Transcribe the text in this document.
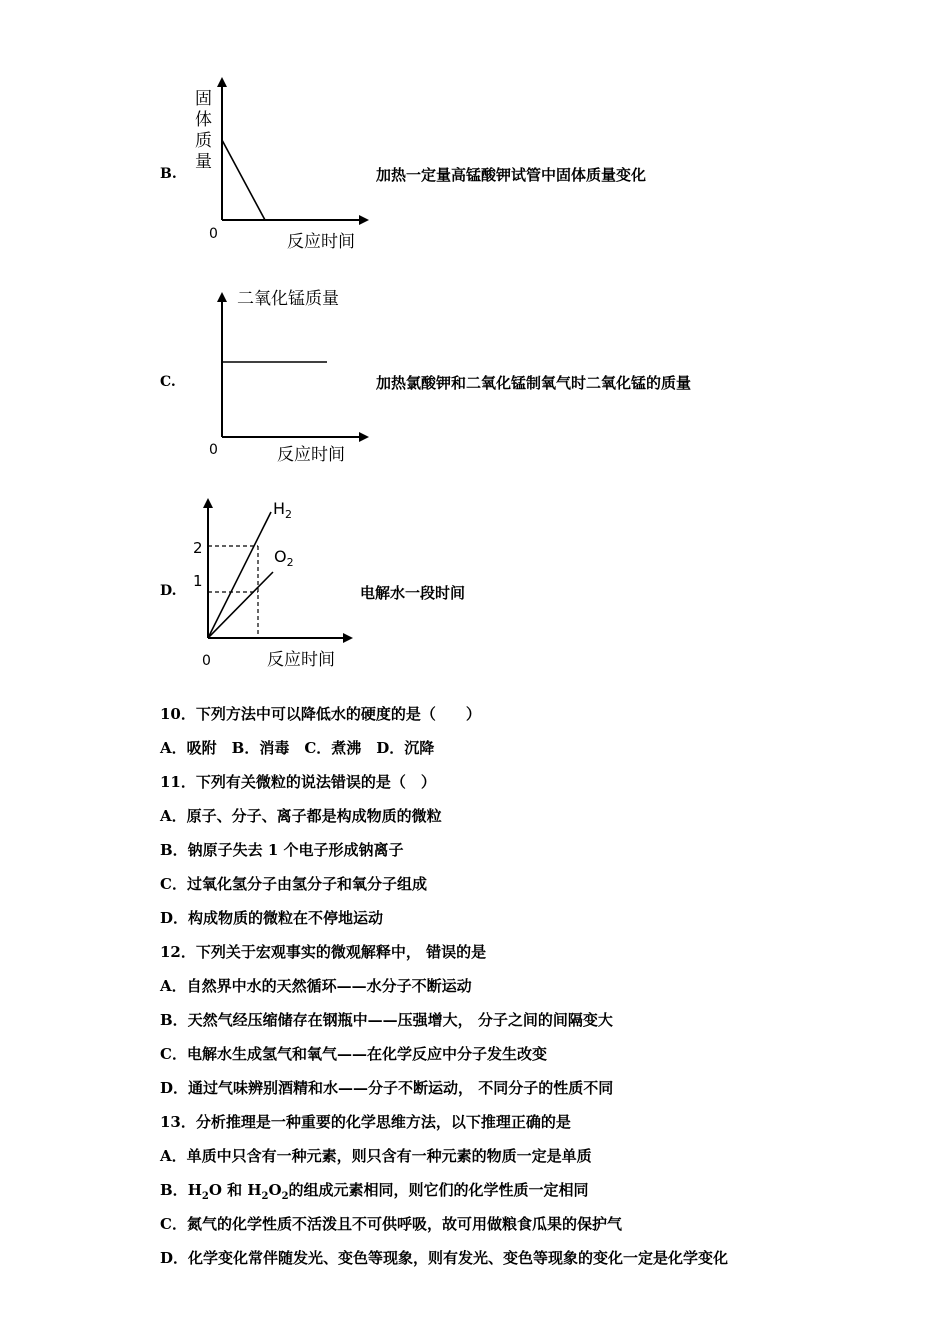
B.
固
体
质
量
0	反应时间
加热一定量高锰酸钾试管中固体质量变化
C.
二氧化锰质量
0	反应时间
加热氯酸钾和二氧化锰制氧气时二氧化锰的质量
D.
$H_2$
$O_2$
2
1
0	反应时间
电解水一段时间
10．下列方法中可以降低水的硬度的是（　　）
A．吸附　B．消毒　C．煮沸　D．沉降
11．下列有关微粒的说法错误的是（　）
A．原子、分子、离子都是构成物质的微粒
B．钠原子失去 1 个电子形成钠离子
C．过氧化氢分子由氢分子和氧分子组成
D．构成物质的微粒在不停地运动
12．下列关于宏观事实的微观解释中， 错误的是
A．自然界中水的天然循环——水分子不断运动
B．天然气经压缩储存在钢瓶中——压强增大， 分子之间的间隔变大
C．电解水生成氢气和氧气——在化学反应中分子发生改变
D．通过气味辨别酒精和水——分子不断运动， 不同分子的性质不同
13．分析推理是一种重要的化学思维方法，以下推理正确的是
A．单质中只含有一种元素，则只含有一种元素的物质一定是单质
B．$H_2O$ 和 $H_2O_2$的组成元素相同，则它们的化学性质一定相同
C．氮气的化学性质不活泼且不可供呼吸，故可用做粮食瓜果的保护气
D．化学变化常伴随发光、变色等现象，则有发光、变色等现象的变化一定是化学变化
